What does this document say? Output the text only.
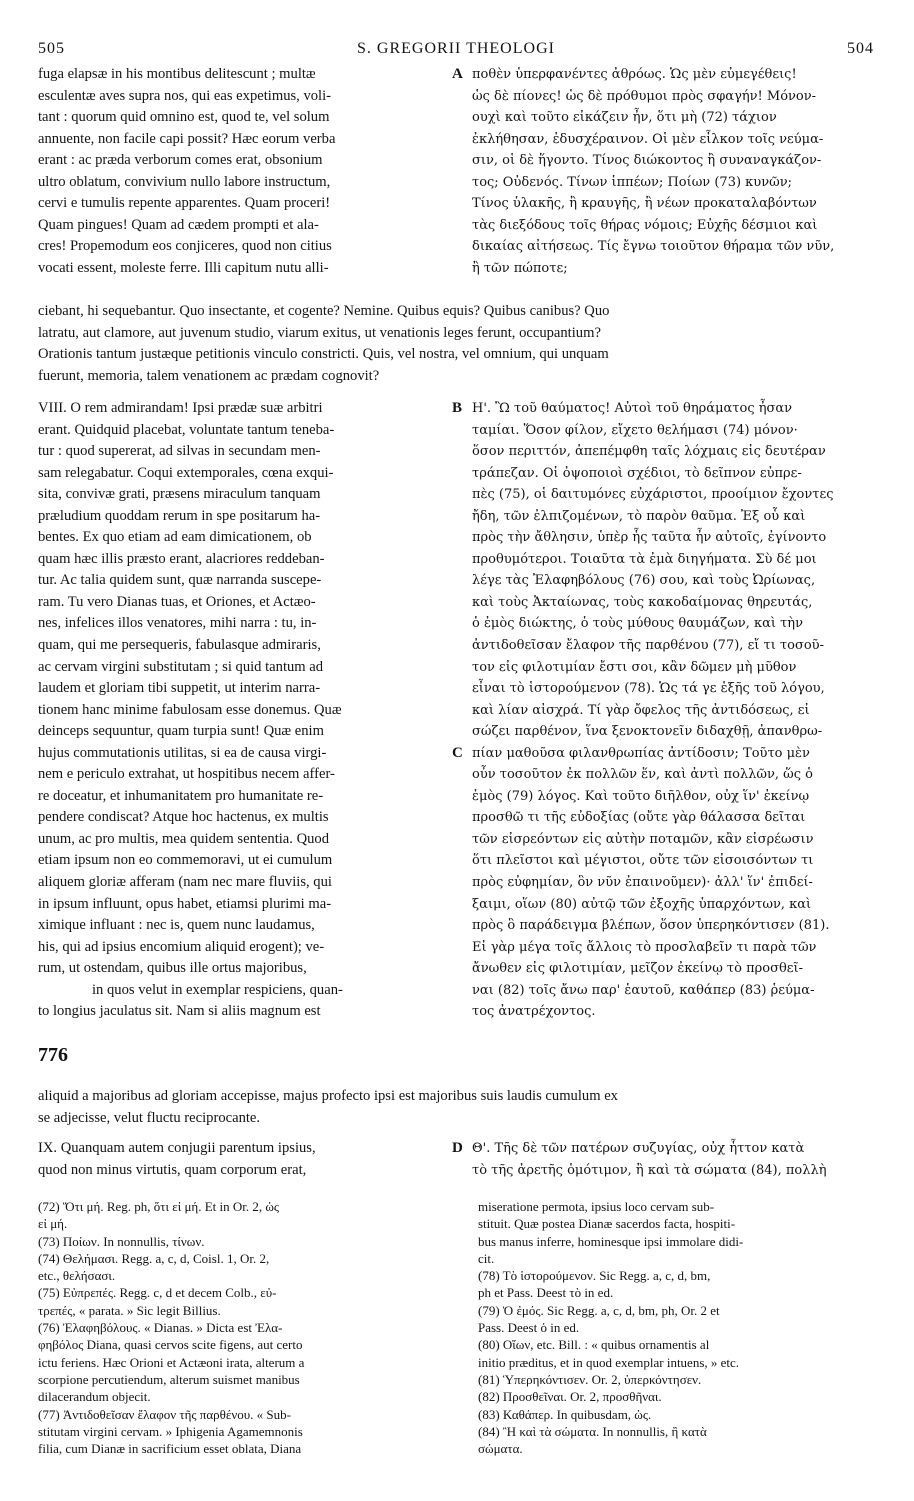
505	S. GREGORII THEOLOGI	504
fuga elapsæ in his montibus delitescunt ; multæ
esculentæ aves supra nos, qui eas expetimus, voli-
tant : quorum quid omnino est, quod te, vel solum
annuente, non facile capi possit? Hæc eorum verba
erant : ac præda verborum comes erat, obsonium
ultro oblatum, convivium nullo labore instructum,
cervi e tumulis repente apparentes. Quam proceri!
Quam pingues! Quam ad cædem prompti et ala-
cres! Propemodum eos conjiceres, quod non citius
vocati essent, moleste ferre. Illi capitum nutu alli-
ποθὲν ὑπερφανέντες ἀθρόως. Ὡς μὲν εὐμεγέθεις!
ὡς δὲ πίονες! ὡς δὲ πρόθυμοι πρὸς σφαγήν! Μόνον-
ουχὶ καὶ τοῦτο εἰκάζειν ἦν, ὅτι μὴ (72) τάχιον
ἐκλήθησαν, ἐδυσχέραινον. Οἱ μὲν εἷλκον τοῖς νεύμα-
σιν, οἱ δὲ ἥγοντο. Τίνος διώκοντος ἢ συναναγκάζον-
τος; Οὐδενός. Τίνων ἱππέων; Ποίων (73) κυνῶν;
Τίνος ὑλακῆς, ἢ κραυγῆς, ἢ νέων προκαταλαβόντων
τὰς διεξόδους τοῖς θήρας νόμοις; Εὐχῆς δέσμιοι καὶ
δικαίας αἰτήσεως. Τίς ἔγνω τοιοῦτον θήραμα τῶν νῦν,
ἢ τῶν πώποτε;
A
ciebant, hi sequebantur. Quo insectante, et cogente? Nemine. Quibus equis? Quibus canibus? Quo
latratu, aut clamore, aut juvenum studio, viarum exitus, ut venationis leges ferunt, occupantium?
Orationis tantum justæque petitionis vinculo constricti. Quis, vel nostra, vel omnium, qui unquam
fuerunt, memoria, talem venationem ac prædam cognovit?
VIII. O rem admirandam! Ipsi prædæ suæ arbitri
erant. Quidquid placebat, voluntate tantum tenebа-
tur : quod supererat, ad silvas in secundam men-
sam relegabatur. Coqui extemporales, cœna exqui-
sita, convivæ grati, præsens miraculum tanquam
præludium quoddam rerum in spe positarum ha-
bentes. Ex quo etiam ad eam dimicationem, ob
quam hæc illis præsto erant, alacriores reddeban-
tur. Ac talia quidem sunt, quæ narranda suscepe-
ram. Tu vero Dianas tuas, et Oriones, et Actæo-
nes, infelices illos venatores, mihi narra : tu, in-
quam, qui me persequeris, fabulasque admiraris,
ac cervam virgini substitutam ; si quid tantum ad
laudem et gloriam tibi suppetit, ut interim narra-
tionem hanc minime fabulosam esse donemus. Quæ
deinceps sequuntur, quam turpia sunt! Quæ enim
hujus commutationis utilitas, si ea de causa virgi-
nem e periculo extrahat, ut hospitibus necem affer-
re doceatur, et inhumanitatem pro humanitate re-
pendere condiscat? Atque hoc hactenus, ex multis
unum, ac pro multis, mea quidem sententia. Quod
etiam ipsum non eo commemoravi, ut ei cumulum
aliquem gloriæ afferam (nam nec mare fluviis, qui
in ipsum influunt, opus habet, etiamsi plurimi ma-
ximique influant : nec is, quem nunc laudamus,
his, qui ad ipsius encomium aliquid erogent); ve-
rum, ut ostendam, quibus ille ortus majoribus,
in quos velut in exemplar respiciens, quan-
to longius jaculatus sit. Nam si aliis magnum est
Η'. Ὢ τοῦ θαύματος! Αὐτοὶ τοῦ θηράματος ἦσαν
ταμίαι. Ὅσον φίλον, εἴχετο θελήμασι (74) μόνον·
ὅσον περιττόν, ἀπεπέμφθη ταῖς λόχμαις εἰς δευτέραν
τράπεζαν. Οἱ ὀψοποιοὶ σχέδιοι, τὸ δεῖπνον εὐπρε-
πὲς (75), οἱ δαιτυμόνες εὐχάριστοι, προοίμιον ἔχοντες
ἤδη, τῶν ἐλπιζομένων, τὸ παρὸν θαῦμα. Ἐξ οὗ καὶ
πρὸς τὴν ἄθλησιν, ὑπὲρ ἧς ταῦτα ἦν αὐτοῖς, ἐγίνοντο
προθυμότεροι. Τοιαῦτα τὰ ἐμὰ διηγήματα. Σὺ δέ μοι
λέγε τὰς Ἐλαφηβόλους (76) σου, καὶ τοὺς Ὠρίωνας,
καὶ τοὺς Ἀκταίωνας, τοὺς κακοδαίμονας θηρευτάς,
ὁ ἐμὸς διώκτης, ὁ τοὺς μύθους θαυμάζων, καὶ τὴν
ἀντιδοθεῖσαν ἔλαφον τῆς παρθένου (77), εἴ τι τοσοῦ-
τον εἰς φιλοτιμίαν ἔστι σοι, κἂν δῶμεν μὴ μῦθον
εἶναι τὸ ἱστορούμενον (78). Ὡς τά γε ἑξῆς τοῦ λόγου,
καὶ λίαν αἰσχρά. Τί γὰρ ὄφελος τῆς ἀντιδόσεως, εἰ
σώζει παρθένον, ἵνα ξενοκτονεῖν διδαχθῇ, ἀπανθρω-
πίαν μαθοῦσα φιλανθρωπίας ἀντίδοσιν; Τοῦτο μὲν
οὖν τοσοῦτον ἐκ πολλῶν ἕν, καὶ ἀντὶ πολλῶν, ὥς ὁ
ἐμὸς (79) λόγος. Καὶ τοῦτο διῆλθον, οὐχ ἵν' ἐκείνῳ
προσθῶ τι τῆς εὐδοξίας (οὔτε γὰρ θάλασσα δεῖται
τῶν εἰσρεόντων εἰς αὐτὴν ποταμῶν, κἂν εἰσρέωσιν
ὅτι πλεῖστοι καὶ μέγιστοι, οὔτε τῶν εἰσοισόντων τι
πρὸς εὐφημίαν, ὃν νῦν ἐπαινοῦμεν)· ἀλλ' ἵν' ἐπιδεί-
ξαιμι, οἵων (80) αὐτῷ τῶν ἐξοχῆς ὑπαρχόντων, καὶ
πρὸς ὃ παράδειγμα βλέπων, ὅσον ὑπερηκόντισεν (81).
Εἰ γὰρ μέγα τοῖς ἄλλοις τὸ προσλαβεῖν τι παρὰ τῶν
ἄνωθεν εἰς φιλοτιμίαν, μεῖζον ἐκείνῳ τὸ προσθεῖ-
ναι (82) τοῖς ἄνω παρ' ἑαυτοῦ, καθάπερ (83) ῥεύμα-
τος ἀνατρέχοντος.
B
C
776
aliquid a majoribus ad gloriam accepisse, majus profecto ipsi est majoribus suis laudis cumulum ex
se adjecisse, velut fluctu reciprocante.
IX. Quanquam autem conjugii parentum ipsius,
quod non minus virtutis, quam corporum erat,
Θ'. Τῆς δὲ τῶν πατέρων συζυγίας, οὐχ ἧττον κατὰ
τὸ τῆς ἀρετῆς ὁμότιμον, ἢ καὶ τὰ σώματα (84), πολλὴ
D
(72) Ὅτι μή. Reg. ph, ὅτι εἰ μή. Et in Or. 2, ὡς
εἰ μή.
(73) Ποίων. In nonnullis, τίνων.
(74) Θελήμασι. Regg. a, c, d, Coisl. 1, Or. 2,
etc., θελήσασι.
(75) Εὐπρεπές. Regg. c, d et decem Colb., εὐ-
τρεπές, « parata. » Sic legit Billius.
(76) Ἐλαφηβόλους. « Dianas. » Dicta est Ἐλα-
φηβόλος Diana, quasi cervos scite figens, aut certo
ictu feriens. Hæc Orioni et Actæoni irata, alterum a
scorpione percutiendum, alterum suismet manibus
dilacerandum objecit.
(77) Ἀντιδοθεῖσαν ἔλαφον τῆς παρθένου. « Sub-
stitutam virgini cervam. » Iphigenia Agamemnonis
filia, cum Dianæ in sacrificium esset oblata, Diana
miseratione permota, ipsius loco cervam sub-
stituit. Quæ postea Dianæ sacerdos facta, hospiti-
bus manus inferre, hominesque ipsi immolare didi-
cit.
(78) Τὸ ἱστορούμενον. Sic Regg. a, c, d, bm,
ph et Pass. Deest τὸ in ed.
(79) Ὁ ἐμός. Sic Regg. a, c, d, bm, ph, Or. 2 et
Pass. Deest ὁ in ed.
(80) Οἵων, etc. Bill. : « quibus ornamentis al
initio præditus, et in quod exemplar intuens, » etc.
(81) Ὑπερηκόντισεν. Or. 2, ὑπερκόντησεν.
(82) Προσθεῖναι. Or. 2, προσθῆναι.
(83) Καθάπερ. In quibusdam, ὡς.
(84) Ἢ καὶ τὰ σώματα. In nonnullis, ἢ κατὰ
σώματα.
